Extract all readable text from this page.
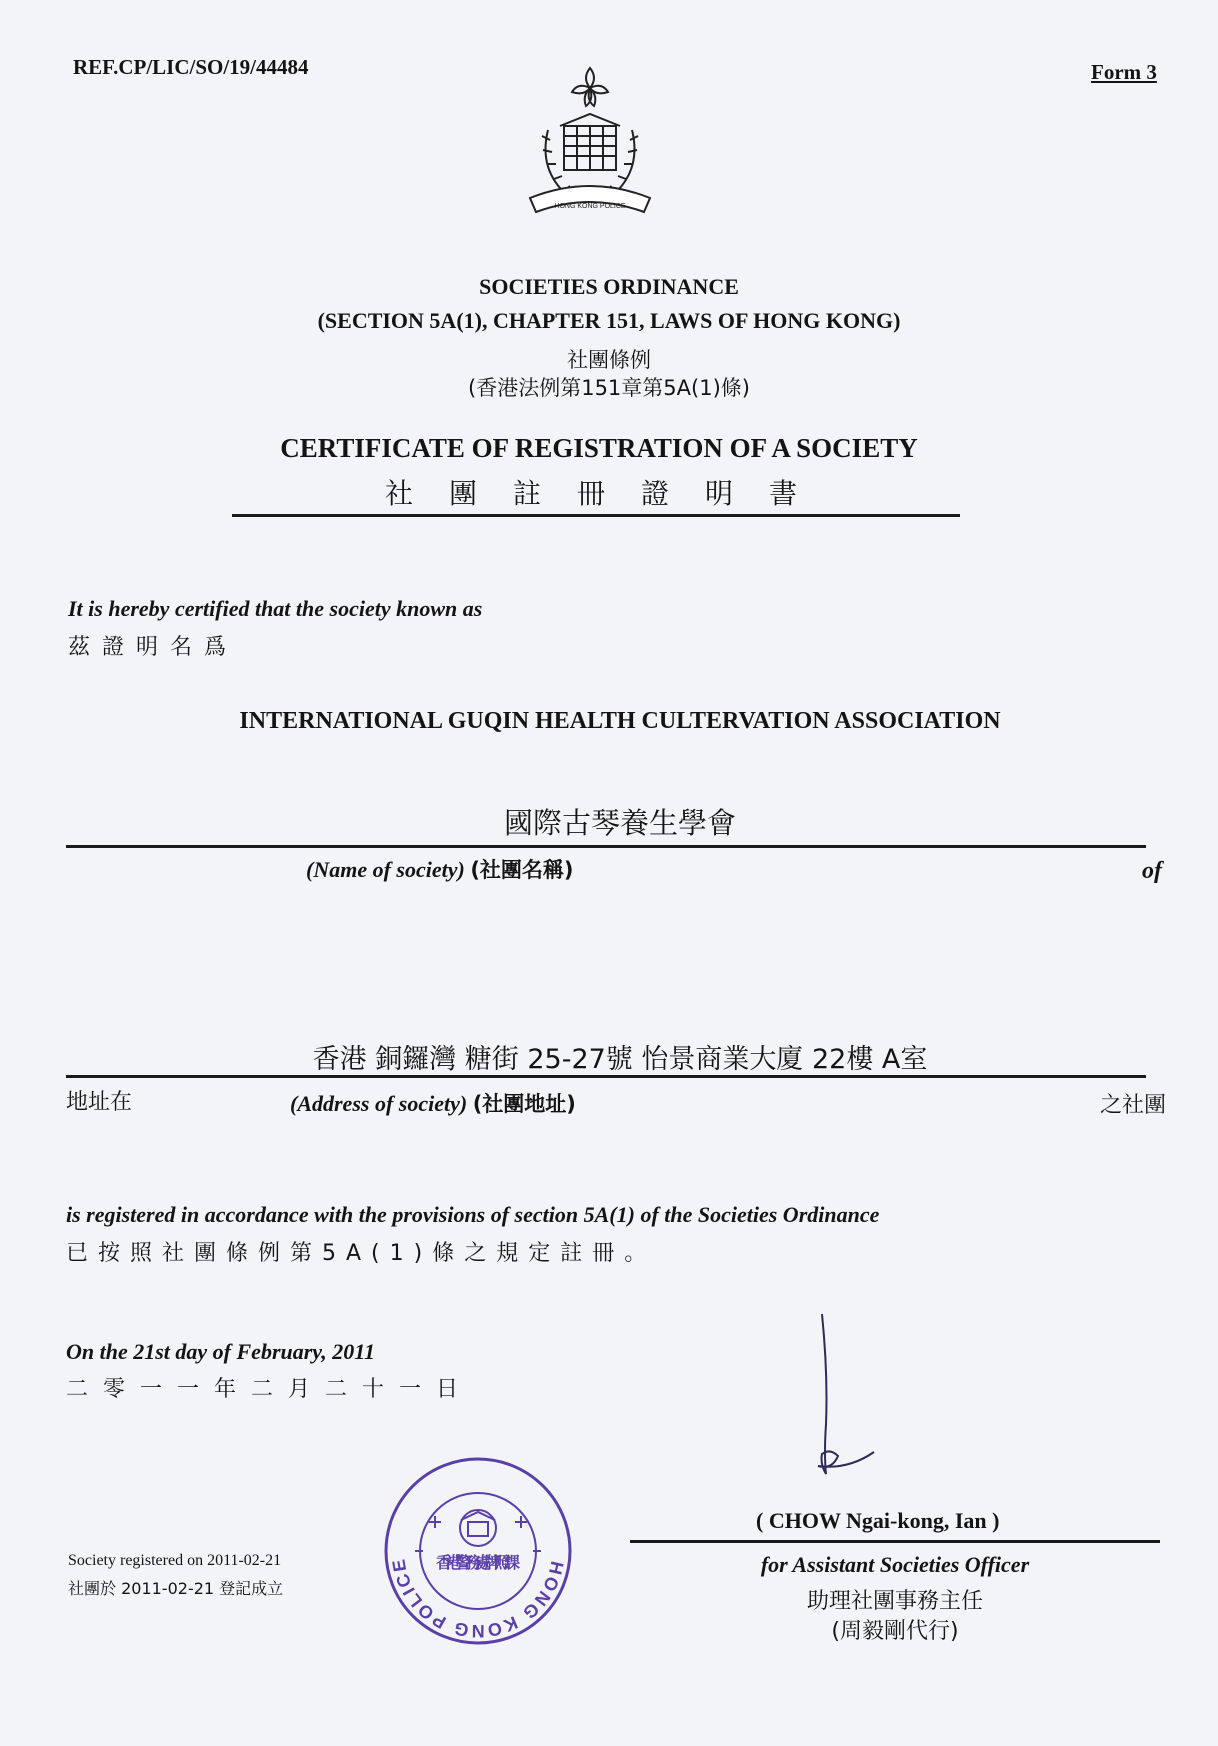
REF.CP/LIC/SO/19/44484	Form 3
HONG KONG POLICE
SOCIETIES ORDINANCE
(SECTION 5A(1), CHAPTER 151, LAWS OF HONG KONG)
社團條例
(香港法例第151章第5A(1)條)
CERTIFICATE OF REGISTRATION OF A SOCIETY
社團註冊證明書
It is hereby certified that the society known as
茲證明名爲
INTERNATIONAL GUQIN HEALTH CULTERVATION ASSOCIATION
國際古琴養生學會
(Name of society) (社團名稱)	of
香港 銅鑼灣 糖街 25-27號 怡景商業大廈 22樓 A室
地址在	(Address of society) (社團地址)	之社團
is registered in accordance with the provisions of section 5A(1) of the Societies Ordinance
已按照社團條例第5A(1)條之規定註冊。
On the 21st day of February, 2011
二零一一年二月二十一日
Society registered on 2011-02-21
社團於 2011-02-21 登記成立
HONG KONG POLICE	香港警務處牌照課
( CHOW Ngai-kong, Ian )
for Assistant Societies Officer
助理社團事務主任
(周毅剛代行)
